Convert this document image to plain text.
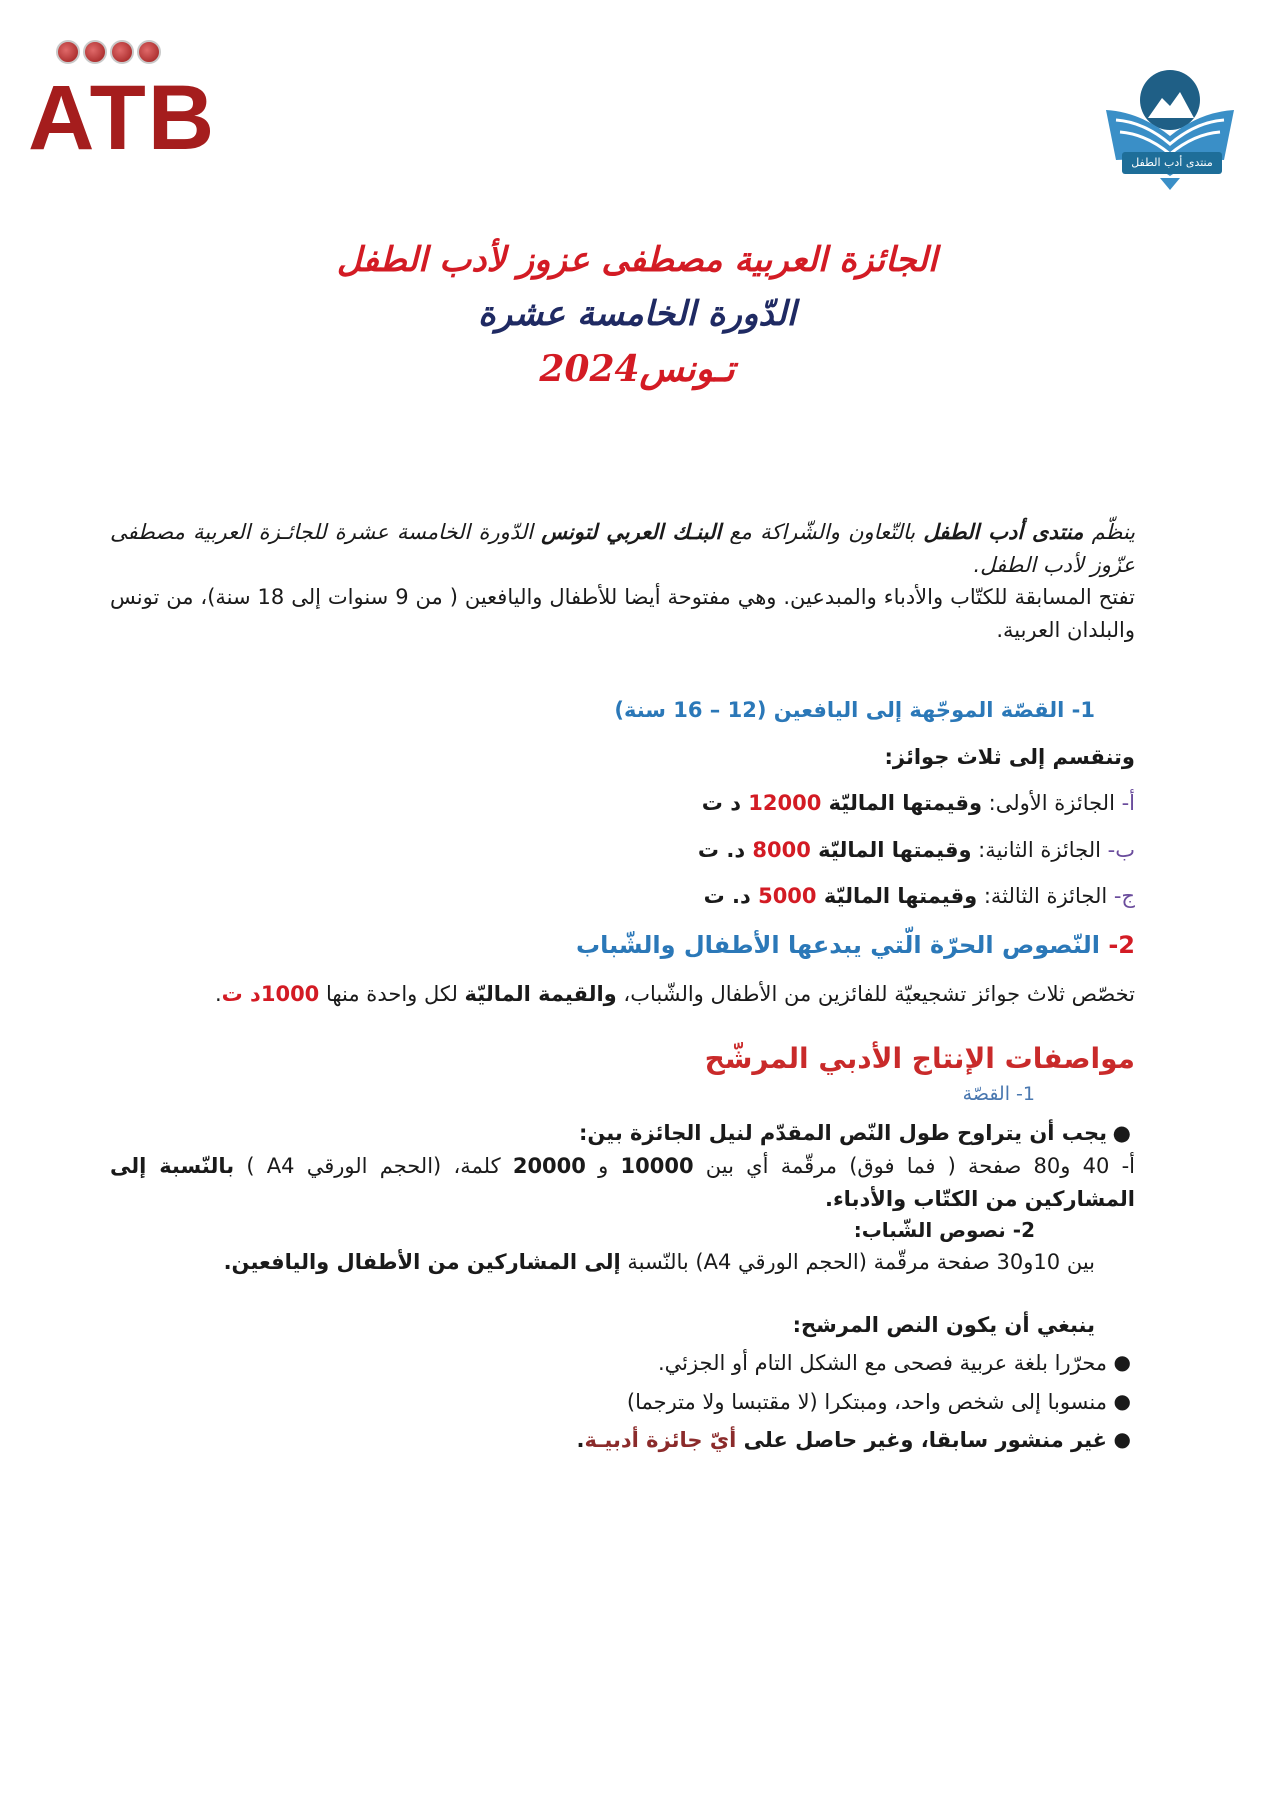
ATB	منتدى أدب الطفل

الجائزة العربية مصطفى عزوز لأدب الطفل

الدّورة الخامسة عشرة

تـونس2024

ينظّم منتدى أدب الطفل بالتّعاون والشّراكة مع البنـك العربي لتونس الدّورة الخامسة عشرة للجائـزة العربية مصطفى عزّوز لأدب الطفل.

تفتح المسابقة للكتّاب والأدباء والمبدعين. وهي مفتوحة أيضا للأطفال واليافعين ( من 9 سنوات إلى 18 سنة)، من تونس والبلدان العربية.

1- القصّة الموجّهة إلى اليافعين (12 – 16 سنة)

وتنقسم إلى ثلاث جوائز:

أ- الجائزة الأولى: وقيمتها الماليّة 12000 د ت

ب- الجائزة الثانية: وقيمتها الماليّة 8000 د. ت

ج- الجائزة الثالثة: وقيمتها الماليّة 5000 د. ت

2- النّصوص الحرّة الّتي يبدعها الأطفال والشّباب

تخصّص ثلاث جوائز تشجيعيّة للفائزين من الأطفال والشّباب، والقيمة الماليّة لكل واحدة منها 1000د ت.

مواصفات الإنتاج الأدبي المرشّح

1- القصّة

●
يجب أن يتراوح طول النّص المقدّم لنيل الجائزة بين:

أ- 40 و80 صفحة ( فما فوق) مرقّمة أي بين 10000 و 20000 كلمة، (الحجم الورقي A4 ) بالنّسبة إلى المشاركين من الكتّاب والأدباء.

2- نصوص الشّباب:

بين 10و30 صفحة مرقّمة (الحجم الورقي A4) بالنّسبة إلى المشاركين من الأطفال واليافعين.

ينبغي أن يكون النص المرشح:

●
محرّرا بلغة عربية فصحى مع الشكل التام أو الجزئي.

●
منسوبا إلى شخص واحد، ومبتكرا (لا مقتبسا ولا مترجما)

●
غير منشور سابقا، وغير حاصل على أيّ جائزة أدبيـة.
